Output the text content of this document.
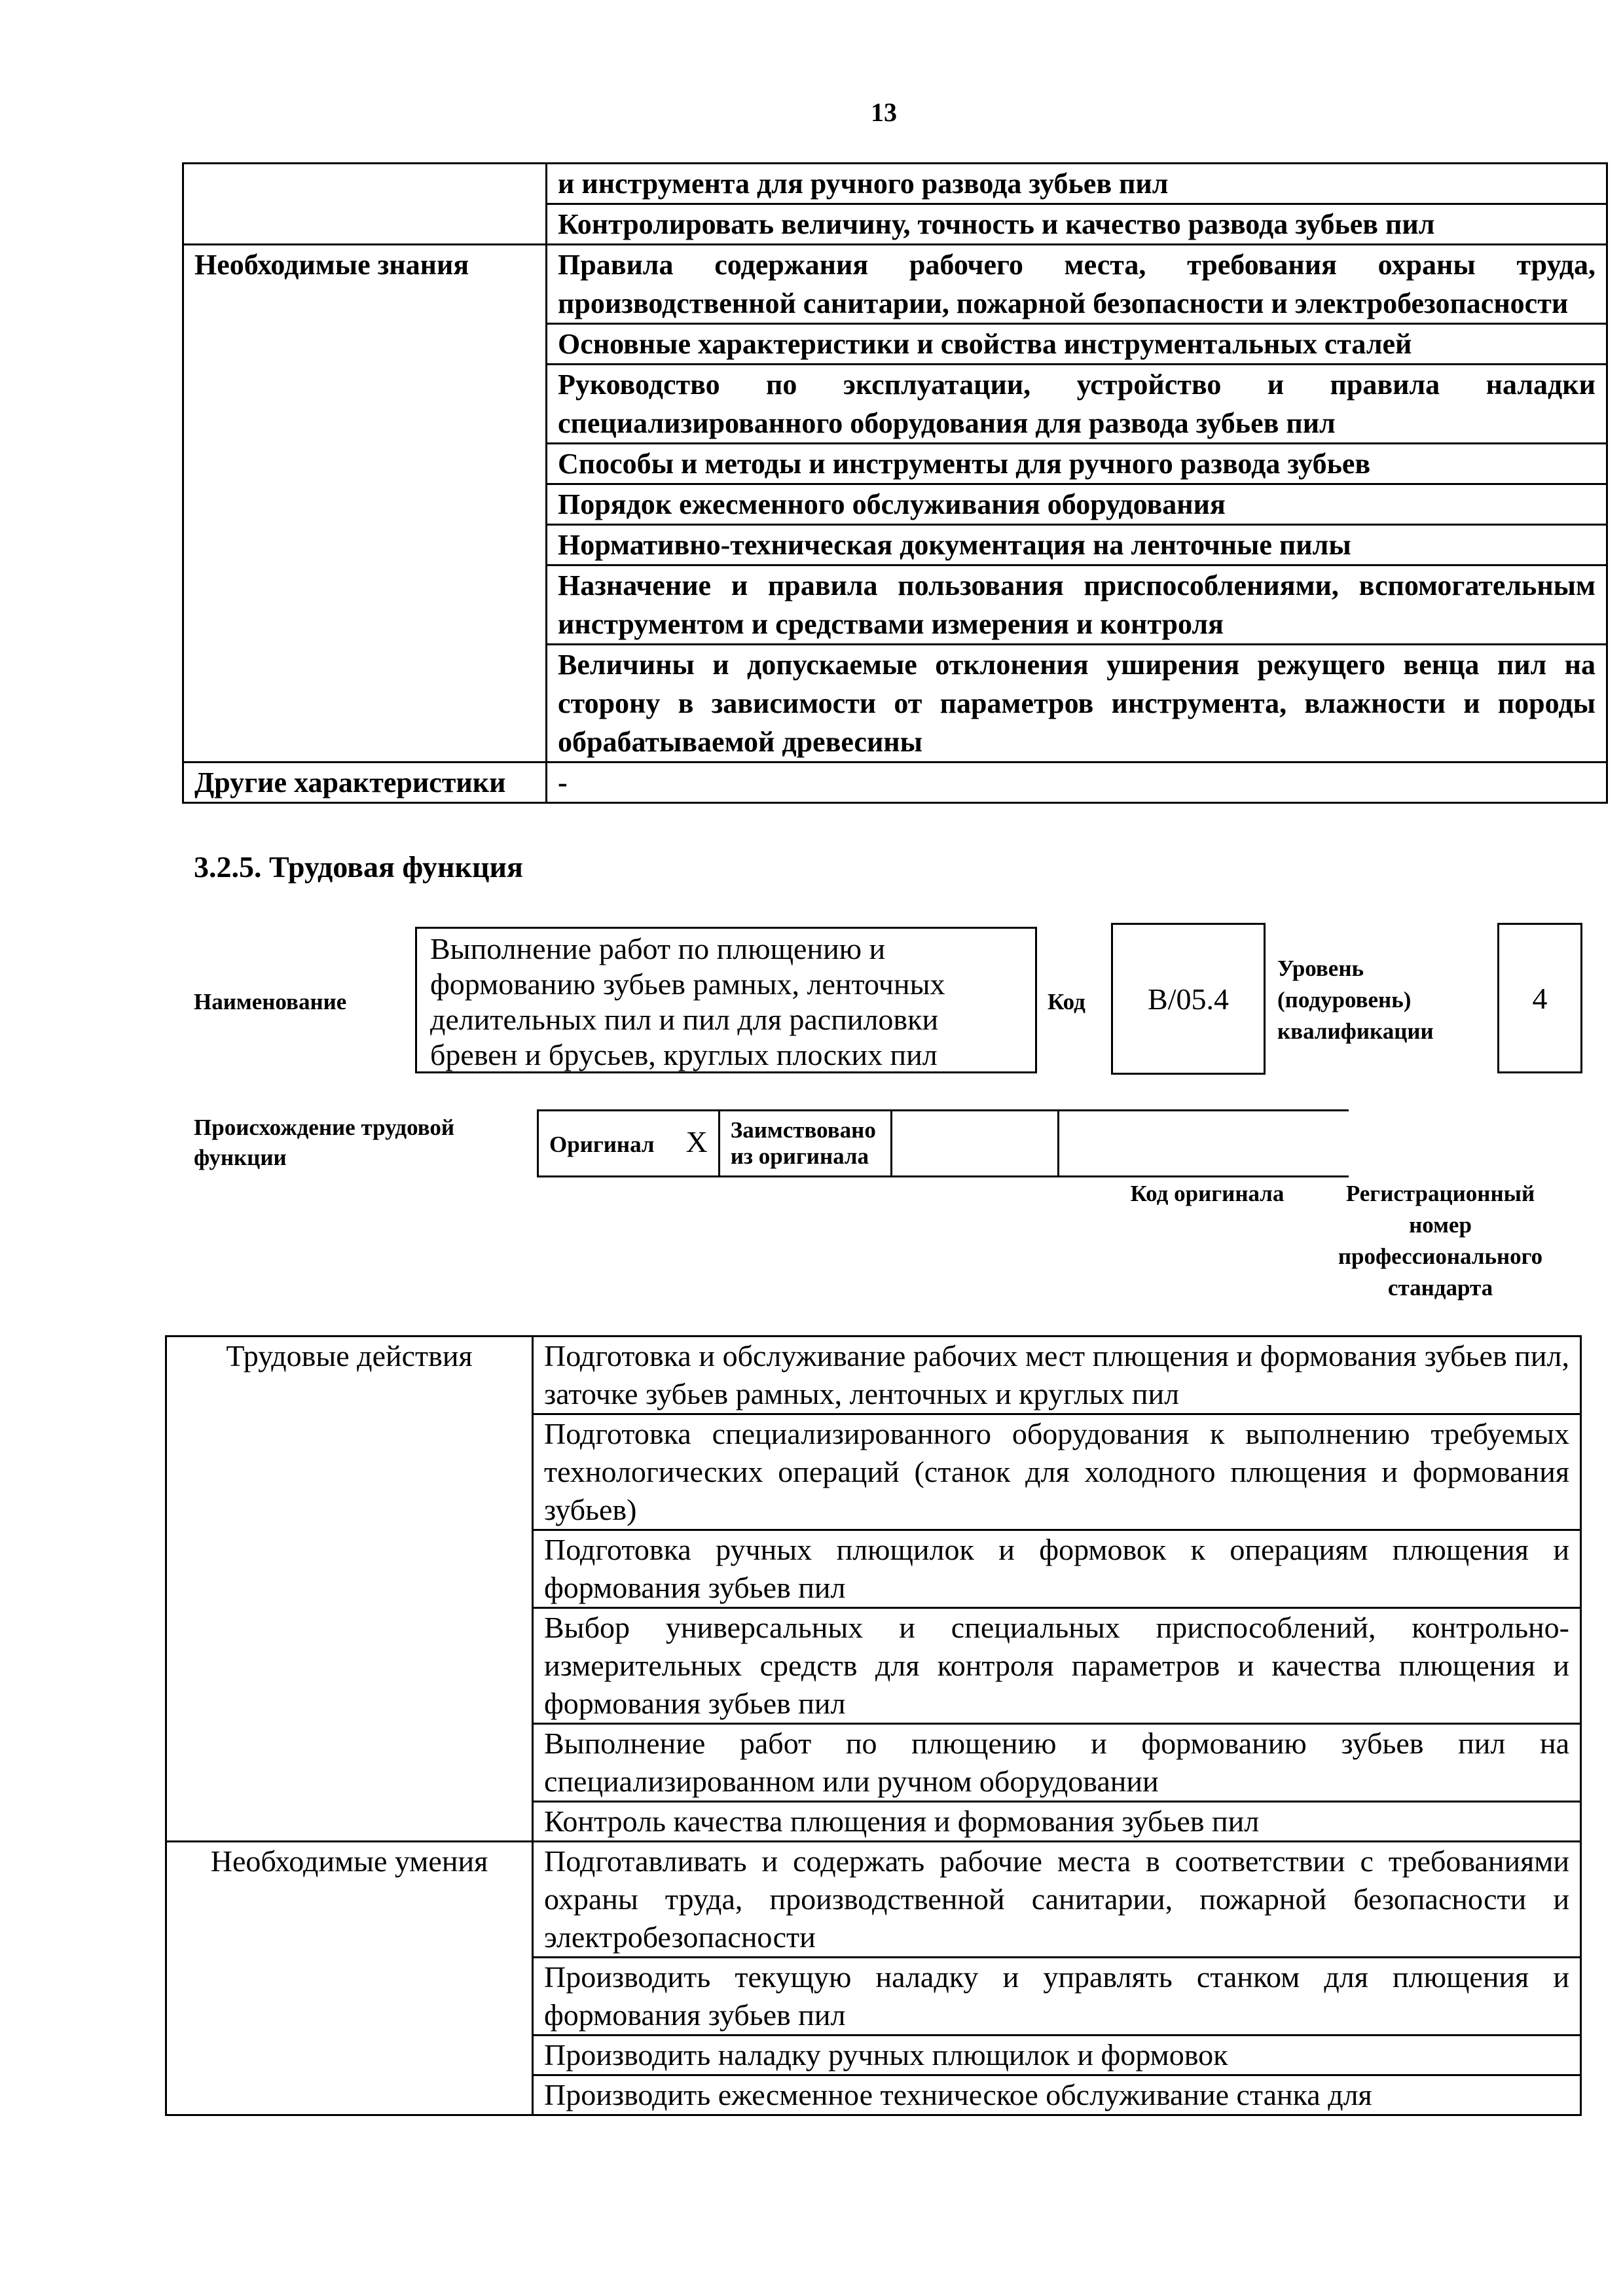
13
	и инструмента для ручного развода зубьев пил
	Контролировать величину, точность и качество развода зубьев пил
Необходимые знания	Правила содержания рабочего места, требования охраны труда, производственной санитарии, пожарной безопасности и электробезопасности
	Основные характеристики и свойства инструментальных сталей
	Руководство по эксплуатации, устройство и правила наладки специализированного оборудования для развода зубьев пил
	Способы и методы и инструменты для ручного развода зубьев
	Порядок ежесменного обслуживания оборудования
	Нормативно-техническая документация на ленточные пилы
	Назначение и правила пользования приспособлениями, вспомогательным инструментом и средствами измерения и контроля
	Величины и допускаемые отклонения уширения режущего венца пил на сторону в зависимости от параметров инструмента, влажности и породы обрабатываемой древесины
Другие характеристики	-
3.2.5. Трудовая функция
Наименование
Выполнение работ по плющению и формованию зубьев рамных, ленточных делительных пил и пил для распиловки бревен и брусьев, круглых плоских пил
Код B/05.4
Уровень (подуровень) квалификации
4
Происхождение трудовой функции
Оригинал X	Заимствовано из оригинала		
Код оригинала	Регистрационный номер профессионального стандарта
Трудовые действия	Подготовка и обслуживание рабочих мест плющения и формования зубьев пил, заточке зубьев рамных, ленточных и круглых пил
	Подготовка специализированного оборудования к выполнению требуемых технологических операций (станок для холодного плющения и формования зубьев)
	Подготовка ручных плющилок и формовок к операциям плющения и формования зубьев пил
	Выбор универсальных и специальных приспособлений, контрольно-измерительных средств для контроля параметров и качества плющения и формования зубьев пил
	Выполнение работ по плющению и формованию зубьев пил на специализированном или ручном оборудовании
	Контроль качества плющения и формования зубьев пил
Необходимые умения	Подготавливать и содержать рабочие места в соответствии с требованиями охраны труда, производственной санитарии, пожарной безопасности и электробезопасности
	Производить текущую наладку и управлять станком для плющения и формования зубьев пил
	Производить наладку ручных плющилок и формовок
	Производить ежесменное техническое обслуживание станка для
